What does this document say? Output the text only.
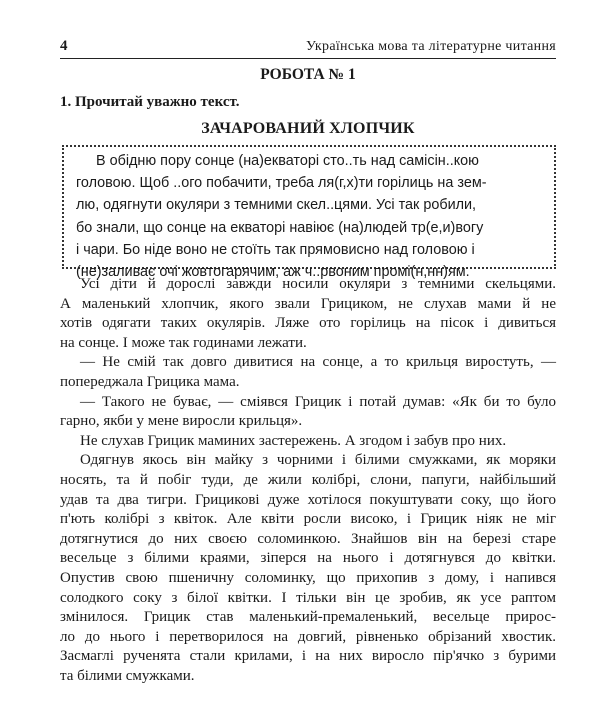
4	Українська мова та літературне читання
РОБОТА № 1
1. Прочитай уважно текст.
ЗАЧАРОВАНИЙ ХЛОПЧИК
В обідню пору сонце (на)екваторі сто..ть над самісін..кою
головою. Щоб ..ого побачити, треба ля(г,х)ти горілиць на зем-
лю, одягнути окуляри з темними скел..цями. Усі так робили,
бо знали, що сонце на екваторі навіює (на)людей тр(е,и)вогу
і чари. Бо ніде воно не стоїть так прямовисно над головою і
(не)заливає очі жовтогарячим, аж ч..рвоним промі(н,нн)ям.
Усі діти й дорослі завжди носили окуляри з темними скельцями.
А маленький хлопчик, якого звали Грициком, не слухав мами й не
хотів одягати таких окулярів. Ляже ото горілиць на пісок і дивиться
на сонце. І може так годинами лежати.
— Не смій так довго дивитися на сонце, а то крильця виростуть, —
попереджала Грицика мама.
— Такого не буває, — сміявся Грицик і потай думав: «Як би то було
гарно, якби у мене виросли крильця».
Не слухав Грицик маминих застережень. А згодом і забув про них.
Одягнув якось він майку з чорними і білими смужками, як моряки
носять, та й побіг туди, де жили колібрі, слони, папуги, найбільший
удав та два тигри. Грицикові дуже хотілося покуштувати соку, що його
п'ють колібрі з квіток. Але квіти росли високо, і Грицик ніяк не міг
дотягнутися до них своєю соломинкою. Знайшов він на березі старе
весельце з білими краями, зіперся на нього і дотягнувся до квітки.
Опустив свою пшеничну соломинку, що прихопив з дому, і напився
солодкого соку з білої квітки. І тільки він це зробив, як усе раптом
змінилося. Грицик став маленький-премаленький, весельце прирос-
ло до нього і перетворилося на довгий, рівненько обрізаний хвостик.
Засмаглі рученята стали крилами, і на них виросло пір'ячко з бурими
та білими смужками.
